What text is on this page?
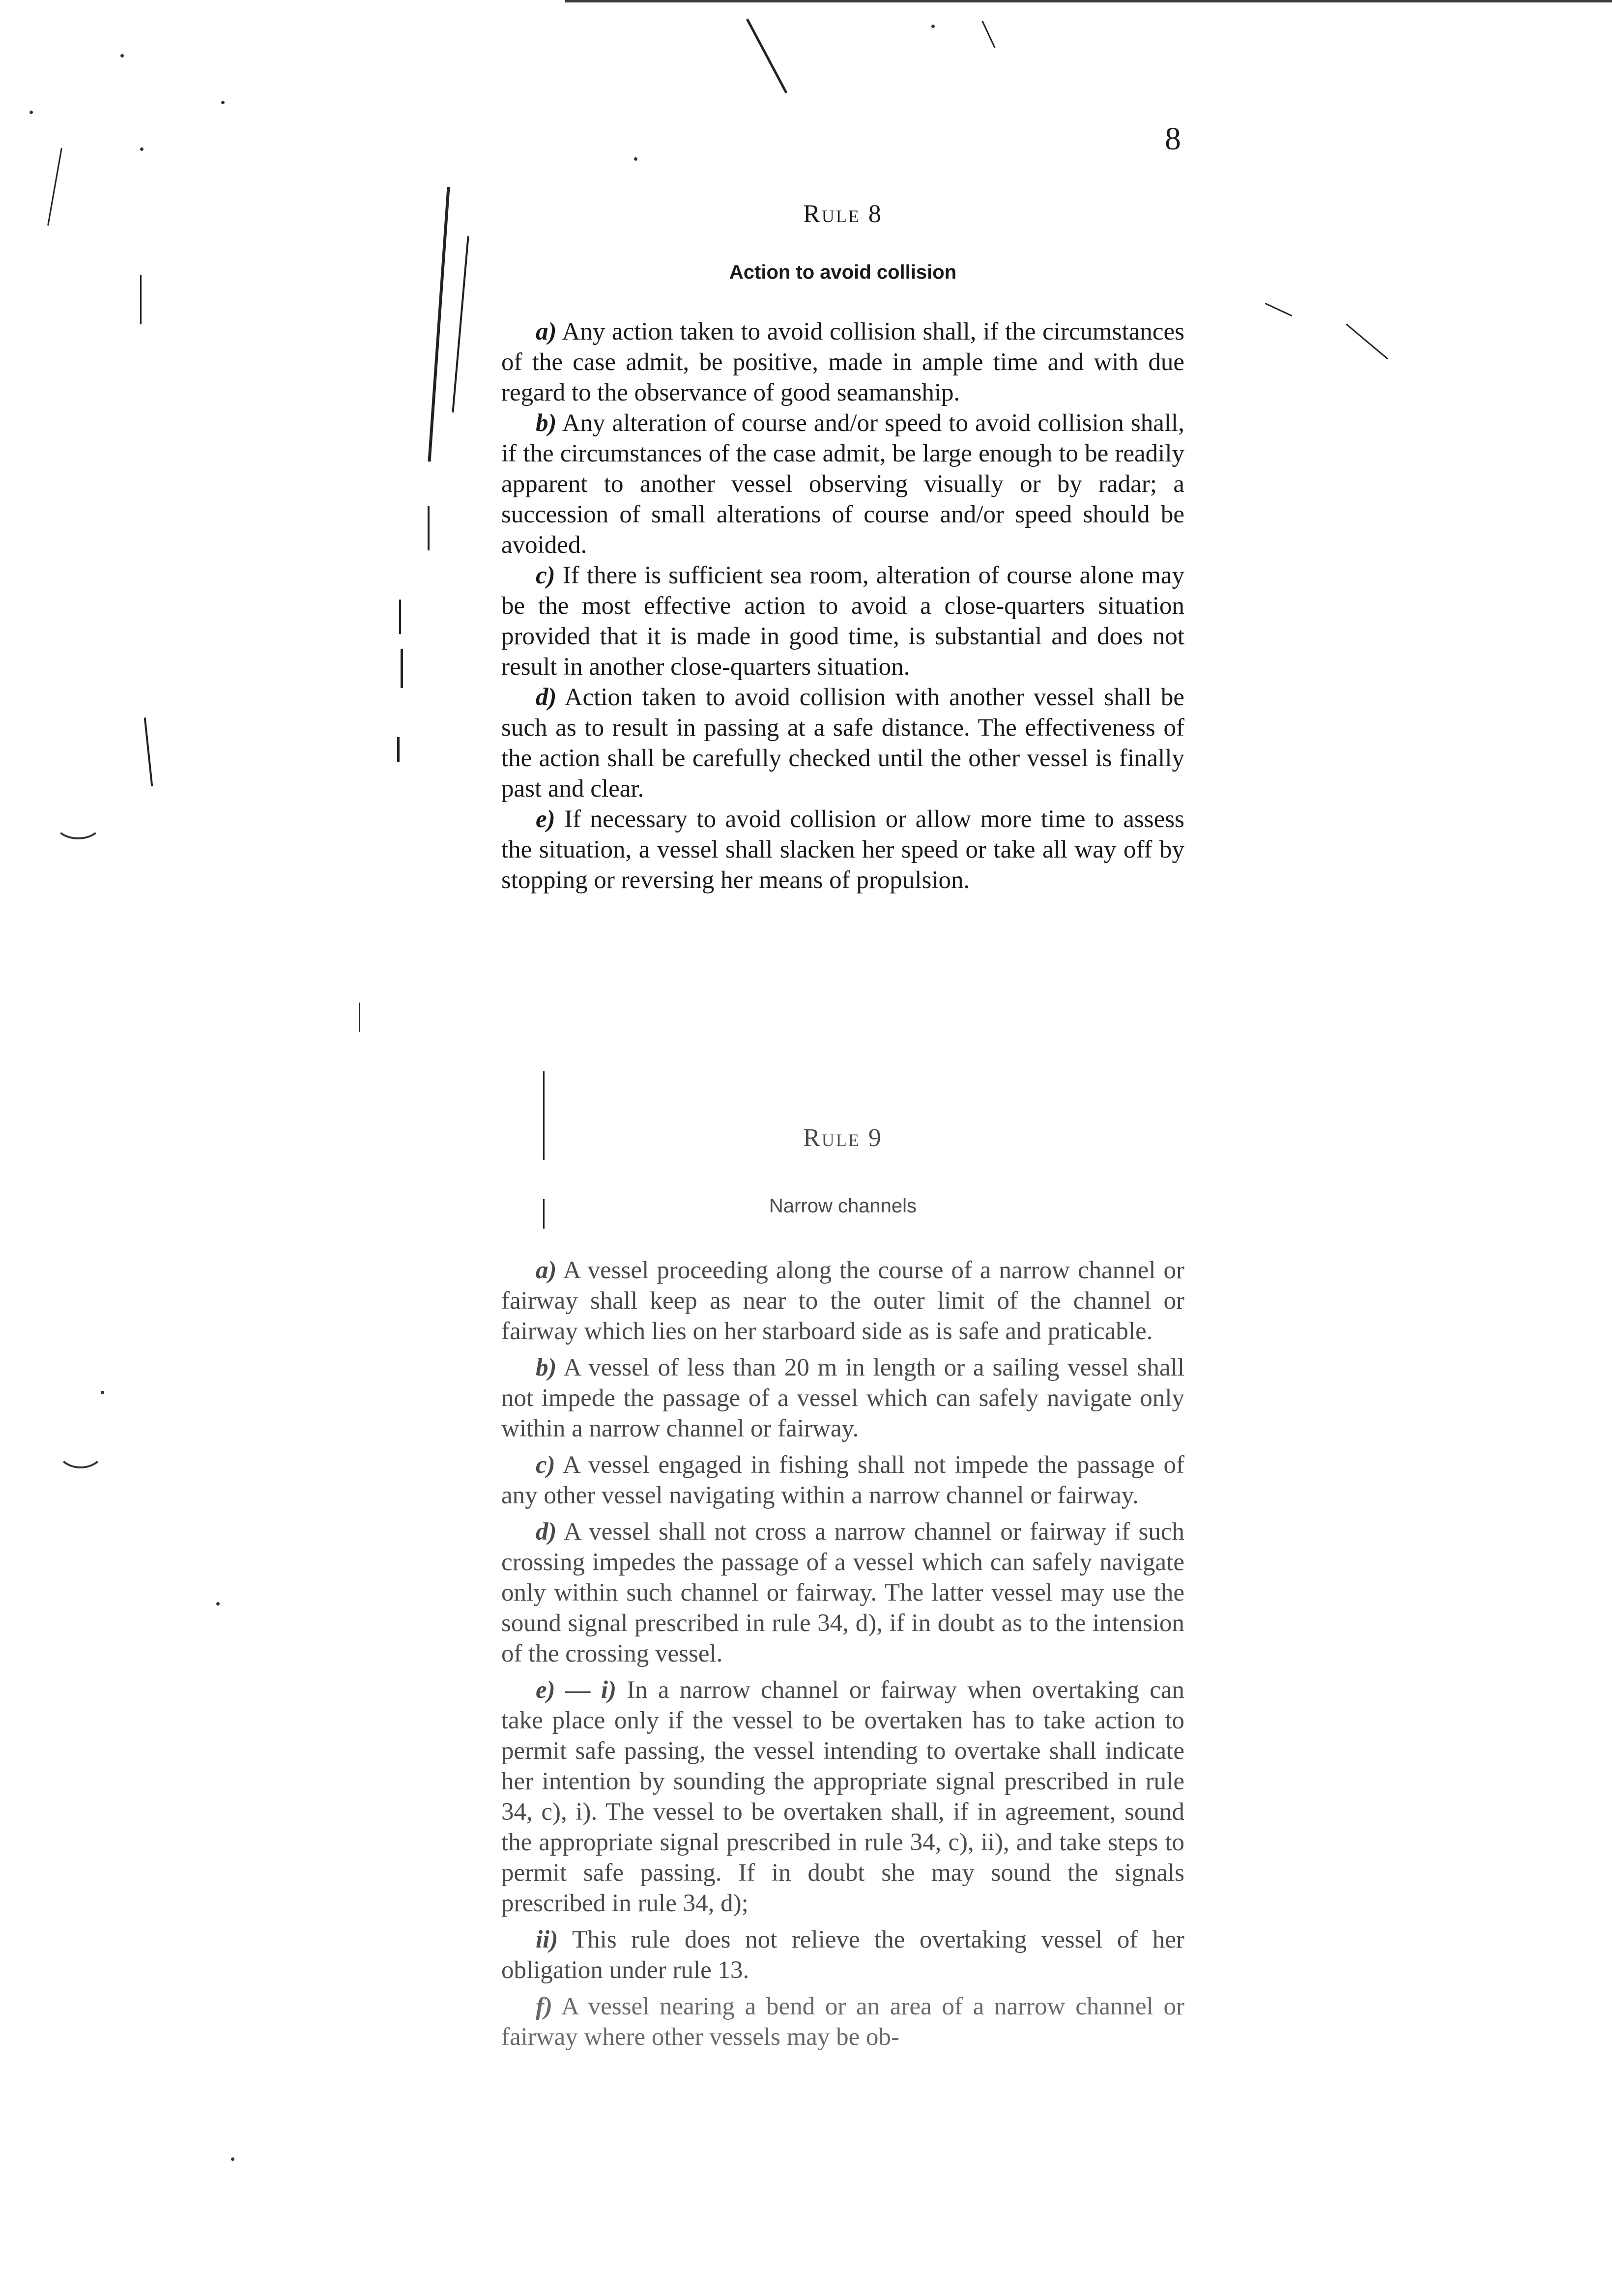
8
Rule 8
Action to avoid collision

a) Any action taken to avoid collision shall, if the circumstances of the case admit, be positive, made in ample time and with due regard to the observance of good seamanship.

b) Any alteration of course and/or speed to avoid collision shall, if the circumstances of the case admit, be large enough to be readily apparent to another vessel observing visually or by radar; a succession of small alterations of course and/or speed should be avoided.

c) If there is sufficient sea room, alteration of course alone may be the most effective action to avoid a close-quarters situation provided that it is made in good time, is substantial and does not result in another close-quarters situation.

d) Action taken to avoid collision with another vessel shall be such as to result in passing at a safe distance. The effectiveness of the action shall be carefully checked until the other vessel is finally past and clear.

e) If necessary to avoid collision or allow more time to assess the situation, a vessel shall slacken her speed or take all way off by stopping or reversing her means of propulsion.

Rule 9
Narrow channels

a) A vessel proceeding along the course of a narrow channel or fairway shall keep as near to the outer limit of the channel or fairway which lies on her starboard side as is safe and praticable.

b) A vessel of less than 20 m in length or a sailing vessel shall not impede the passage of a vessel which can safely navigate only within a narrow channel or fairway.

c) A vessel engaged in fishing shall not impede the passage of any other vessel navigating within a narrow channel or fairway.

d) A vessel shall not cross a narrow channel or fairway if such crossing impedes the passage of a vessel which can safely navigate only within such channel or fairway. The latter vessel may use the sound signal prescribed in rule 34, d), if in doubt as to the intension of the crossing vessel.

e) — i) In a narrow channel or fairway when overtaking can take place only if the vessel to be overtaken has to take action to permit safe passing, the vessel intending to overtake shall indicate her intention by sounding the appropriate signal prescribed in rule 34, c), i). The vessel to be overtaken shall, if in agreement, sound the appropriate signal prescribed in rule 34, c), ii), and take steps to permit safe passing. If in doubt she may sound the signals prescribed in rule 34, d);

ii) This rule does not relieve the overtaking vessel of her obligation under rule 13.

f) A vessel nearing a bend or an area of a narrow channel or fairway where other vessels may be ob-
